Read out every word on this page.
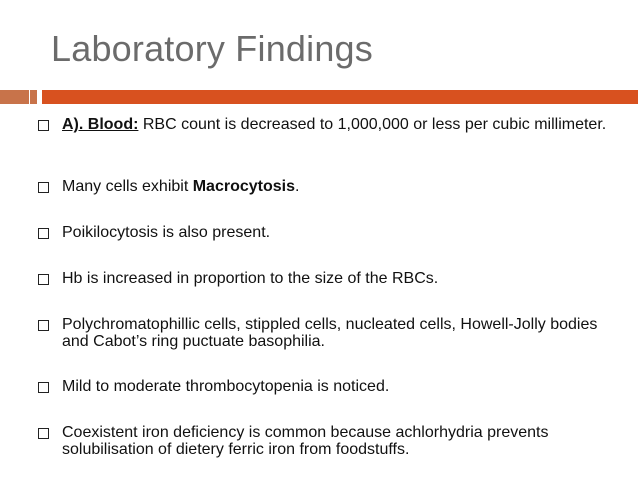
Laboratory Findings
A). Blood: RBC count is decreased to 1,000,000 or less per cubic millimeter.
Many cells exhibit Macrocytosis.
Poikilocytosis is also present.
Hb is increased in proportion to the size of the RBCs.
Polychromatophillic cells, stippled cells, nucleated cells, Howell-Jolly bodies and Cabot’s ring puctuate basophilia.
Mild to moderate thrombocytopenia is noticed.
Coexistent iron deficiency is common because achlorhydria prevents solubilisation of dietery ferric iron from foodstuffs.
